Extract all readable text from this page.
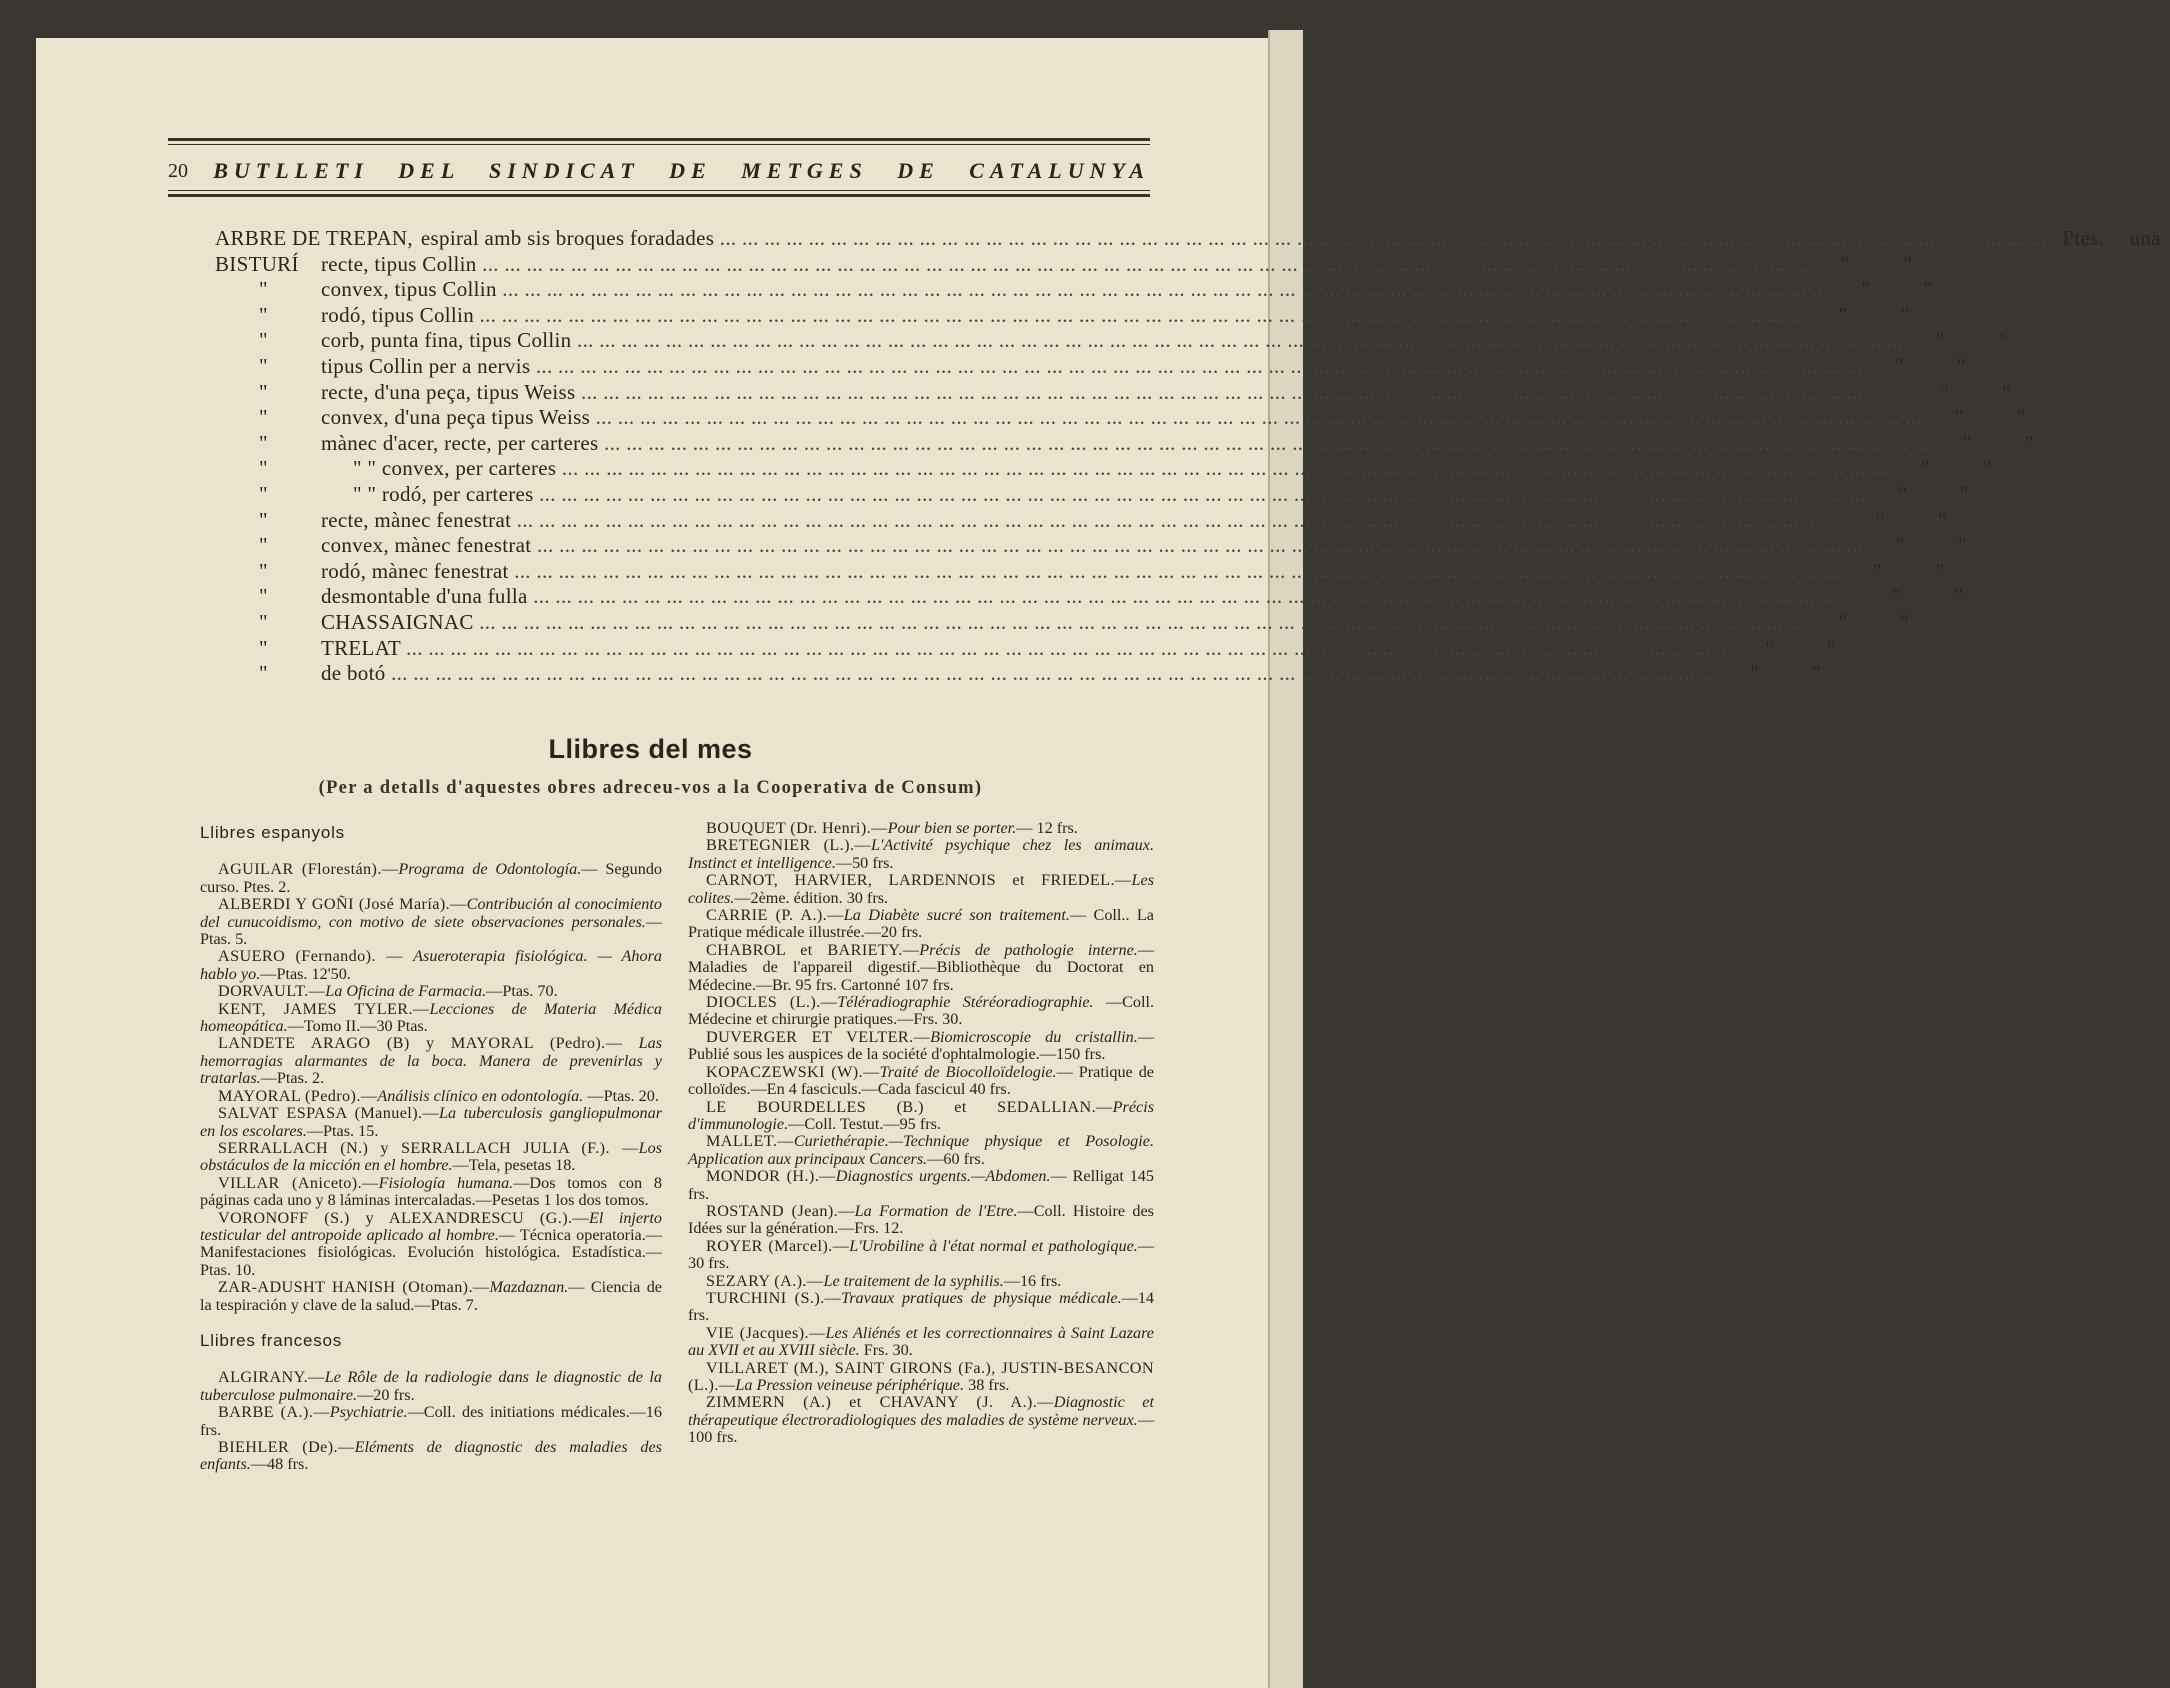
20 BUTLLETI DEL SINDICAT DE METGES DE CATALUNYA
ARBRE DE TREPAN, espiral amb sis broques foradades ... ... ... ... ... ... ... ... ... ... ... ... ... ... ... ... ... ... ... ... ... ... ... ... ... ... ... ... ... ... ... ... ... ... ... ... ... ... ... ... ... ... ... ... ... ... ... ... ... ... ... ... ... ... ... ... ... ... ... ... Ptes.	una
BISTURÍ	recte, tipus Collin ... ... ... ... ... ... ... ... ... ... ... ... ... ... ... ... ... ... ... ... ... ... ... ... ... ... ... ... ... ... ... ... ... ... ... ... ... ... ... ... ... ... ... ... ... ... ... ... ... ... ... ... ... ... ... ... ... ... ... ...	"	"
"	convex, tipus Collin ... ... ... ... ... ... ... ... ... ... ... ... ... ... ... ... ... ... ... ... ... ... ... ... ... ... ... ... ... ... ... ... ... ... ... ... ... ... ... ... ... ... ... ... ... ... ... ... ... ... ... ... ... ... ... ... ... ... ... ...	"	"
"	rodó, tipus Collin ... ... ... ... ... ... ... ... ... ... ... ... ... ... ... ... ... ... ... ... ... ... ... ... ... ... ... ... ... ... ... ... ... ... ... ... ... ... ... ... ... ... ... ... ... ... ... ... ... ... ... ... ... ... ... ... ... ... ... ...	"	"
"	corb, punta fina, tipus Collin ... ... ... ... ... ... ... ... ... ... ... ... ... ... ... ... ... ... ... ... ... ... ... ... ... ... ... ... ... ... ... ... ... ... ... ... ... ... ... ... ... ... ... ... ... ... ... ... ... ... ... ... ... ... ... ... ... ... ... ...	"	"
"	tipus Collin per a nervis ... ... ... ... ... ... ... ... ... ... ... ... ... ... ... ... ... ... ... ... ... ... ... ... ... ... ... ... ... ... ... ... ... ... ... ... ... ... ... ... ... ... ... ... ... ... ... ... ... ... ... ... ... ... ... ... ... ... ... ...	"	"
"	recte, d'una peça, tipus Weiss ... ... ... ... ... ... ... ... ... ... ... ... ... ... ... ... ... ... ... ... ... ... ... ... ... ... ... ... ... ... ... ... ... ... ... ... ... ... ... ... ... ... ... ... ... ... ... ... ... ... ... ... ... ... ... ... ... ... ... ...	"	"
"	convex, d'una peça tipus Weiss ... ... ... ... ... ... ... ... ... ... ... ... ... ... ... ... ... ... ... ... ... ... ... ... ... ... ... ... ... ... ... ... ... ... ... ... ... ... ... ... ... ... ... ... ... ... ... ... ... ... ... ... ... ... ... ... ... ... ... ...	"	"
"	mànec d'acer, recte, per carteres ... ... ... ... ... ... ... ... ... ... ... ... ... ... ... ... ... ... ... ... ... ... ... ... ... ... ... ... ... ... ... ... ... ... ... ... ... ... ... ... ... ... ... ... ... ... ... ... ... ... ... ... ... ... ... ... ... ... ... ...	"	"
"	" " convex, per carteres ... ... ... ... ... ... ... ... ... ... ... ... ... ... ... ... ... ... ... ... ... ... ... ... ... ... ... ... ... ... ... ... ... ... ... ... ... ... ... ... ... ... ... ... ... ... ... ... ... ... ... ... ... ... ... ... ... ... ... ...	"	"
"	" " rodó, per carteres ... ... ... ... ... ... ... ... ... ... ... ... ... ... ... ... ... ... ... ... ... ... ... ... ... ... ... ... ... ... ... ... ... ... ... ... ... ... ... ... ... ... ... ... ... ... ... ... ... ... ... ... ... ... ... ... ... ... ... ...	"	"
"	recte, mànec fenestrat ... ... ... ... ... ... ... ... ... ... ... ... ... ... ... ... ... ... ... ... ... ... ... ... ... ... ... ... ... ... ... ... ... ... ... ... ... ... ... ... ... ... ... ... ... ... ... ... ... ... ... ... ... ... ... ... ... ... ... ...	"	"
"	convex, mànec fenestrat ... ... ... ... ... ... ... ... ... ... ... ... ... ... ... ... ... ... ... ... ... ... ... ... ... ... ... ... ... ... ... ... ... ... ... ... ... ... ... ... ... ... ... ... ... ... ... ... ... ... ... ... ... ... ... ... ... ... ... ...	"	"
"	rodó, mànec fenestrat ... ... ... ... ... ... ... ... ... ... ... ... ... ... ... ... ... ... ... ... ... ... ... ... ... ... ... ... ... ... ... ... ... ... ... ... ... ... ... ... ... ... ... ... ... ... ... ... ... ... ... ... ... ... ... ... ... ... ... ...	"	"
"	desmontable d'una fulla ... ... ... ... ... ... ... ... ... ... ... ... ... ... ... ... ... ... ... ... ... ... ... ... ... ... ... ... ... ... ... ... ... ... ... ... ... ... ... ... ... ... ... ... ... ... ... ... ... ... ... ... ... ... ... ... ... ... ... ...	"	"
"	CHASSAIGNAC ... ... ... ... ... ... ... ... ... ... ... ... ... ... ... ... ... ... ... ... ... ... ... ... ... ... ... ... ... ... ... ... ... ... ... ... ... ... ... ... ... ... ... ... ... ... ... ... ... ... ... ... ... ... ... ... ... ... ... ...	"	"
"	TRELAT ... ... ... ... ... ... ... ... ... ... ... ... ... ... ... ... ... ... ... ... ... ... ... ... ... ... ... ... ... ... ... ... ... ... ... ... ... ... ... ... ... ... ... ... ... ... ... ... ... ... ... ... ... ... ... ... ... ... ... ...	"	"
"	de botó ... ... ... ... ... ... ... ... ... ... ... ... ... ... ... ... ... ... ... ... ... ... ... ... ... ... ... ... ... ... ... ... ... ... ... ... ... ... ... ... ... ... ... ... ... ... ... ... ... ... ... ... ... ... ... ... ... ... ... ...	"	"
Llibres del mes
(Per a detalls d'aquestes obres adreceu-vos a la Cooperativa de Consum)
Llibres espanyols

AGUILAR (Florestán).—Programa de Odontología.— Segundo curso. Ptes. 2.

ALBERDI Y GOÑI (José María).—Contribución al conocimiento del cunucoidismo, con motivo de siete observaciones personales.—Ptas. 5.

ASUERO (Fernando). — Asueroterapia fisiológica. — Ahora hablo yo.—Ptas. 12'50.

DORVAULT.—La Oficina de Farmacia.—Ptas. 70.

KENT, JAMES TYLER.—Lecciones de Materia Médica homeopática.—Tomo II.—30 Ptas.

LANDETE ARAGO (B) y MAYORAL (Pedro).— Las hemorragias alarmantes de la boca. Manera de prevenirlas y tratarlas.—Ptas. 2.

MAYORAL (Pedro).—Análisis clínico en odontología. —Ptas. 20.

SALVAT ESPASA (Manuel).—La tuberculosis gangliopulmonar en los escolares.—Ptas. 15.

SERRALLACH (N.) y SERRALLACH JULIA (F.). —Los obstáculos de la micción en el hombre.—Tela, pesetas 18.

VILLAR (Aniceto).—Fisiología humana.—Dos tomos con 8 páginas cada uno y 8 láminas intercaladas.—Pesetas 1 los dos tomos.

VORONOFF (S.) y ALEXANDRESCU (G.).—El injerto testicular del antropoide aplicado al hombre.— Técnica operatoria.—Manifestaciones fisiológicas. Evolución histológica. Estadística.—Ptas. 10.

ZAR-ADUSHT HANISH (Otoman).—Mazdaznan.— Ciencia de la tespiración y clave de la salud.—Ptas. 7.

Llibres francesos

ALGIRANY.—Le Rôle de la radiologie dans le diagnostic de la tuberculose pulmonaire.—20 frs.

BARBE (A.).—Psychiatrie.—Coll. des initiations médicales.—16 frs.

BIEHLER (De).—Eléments de diagnostic des maladies des enfants.—48 frs.

BOUQUET (Dr. Henri).—Pour bien se porter.— 12 frs.

BRETEGNIER (L.).—L'Activité psychique chez les animaux. Instinct et intelligence.—50 frs.

CARNOT, HARVIER, LARDENNOIS et FRIEDEL.—Les colites.—2ème. édition. 30 frs.

CARRIE (P. A.).—La Diabète sucré son traitement.— Coll.. La Pratique médicale illustrée.—20 frs.

CHABROL et BARIETY.—Précis de pathologie interne.—Maladies de l'appareil digestif.—Bibliothèque du Doctorat en Médecine.—Br. 95 frs. Cartonné 107 frs.

DIOCLES (L.).—Téléradiographie Stéréoradiographie. —Coll. Médecine et chirurgie pratiques.—Frs. 30.

DUVERGER ET VELTER.—Biomicroscopie du cristallin.—Publié sous les auspices de la société d'ophtalmologie.—150 frs.

KOPACZEWSKI (W).—Traité de Biocolloïdelogie.— Pratique de colloïdes.—En 4 fasciculs.—Cada fascicul 40 frs.

LE BOURDELLES (B.) et SEDALLIAN.—Précis d'immunologie.—Coll. Testut.—95 frs.

MALLET.—Curiethérapie.—Technique physique et Posologie. Application aux principaux Cancers.—60 frs.

MONDOR (H.).—Diagnostics urgents.—Abdomen.— Relligat 145 frs.

ROSTAND (Jean).—La Formation de l'Etre.—Coll. Histoire des Idées sur la génération.—Frs. 12.

ROYER (Marcel).—L'Urobiline à l'état normal et pathologique.—30 frs.

SEZARY (A.).—Le traitement de la syphilis.—16 frs.

TURCHINI (S.).—Travaux pratiques de physique médicale.—14 frs.

VIE (Jacques).—Les Aliénés et les correctionnaires à Saint Lazare au XVII et au XVIII siècle. Frs. 30.

VILLARET (M.), SAINT GIRONS (Fa.), JUSTIN-BESANCON (L.).—La Pression veineuse périphérique. 38 frs.

ZIMMERN (A.) et CHAVANY (J. A.).—Diagnostic et thérapeutique électroradiologiques des maladies de système nerveux.—100 frs.
